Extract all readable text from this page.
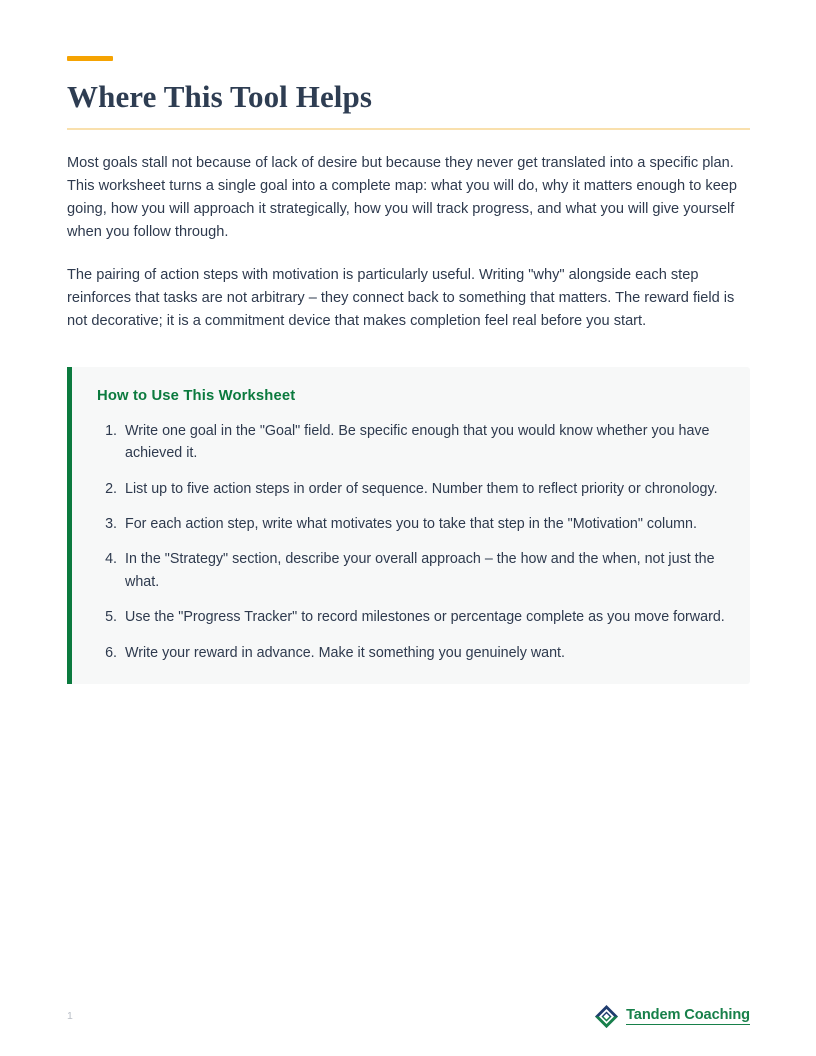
Where This Tool Helps

Most goals stall not because of lack of desire but because they never get translated into a specific plan. This worksheet turns a single goal into a complete map: what you will do, why it matters enough to keep going, how you will approach it strategically, how you will track progress, and what you will give yourself when you follow through.

The pairing of action steps with motivation is particularly useful. Writing "why" alongside each step reinforces that tasks are not arbitrary – they connect back to something that matters. The reward field is not decorative; it is a commitment device that makes completion feel real before you start.

How to Use This Worksheet
Write one goal in the "Goal" field. Be specific enough that you would know whether you have achieved it.
List up to five action steps in order of sequence. Number them to reflect priority or chronology.
For each action step, write what motivates you to take that step in the "Motivation" column.
In the "Strategy" section, describe your overall approach – the how and the when, not just the what.
Use the "Progress Tracker" to record milestones or percentage complete as you move forward.
Write your reward in advance. Make it something you genuinely want.
1	Tandem Coaching
